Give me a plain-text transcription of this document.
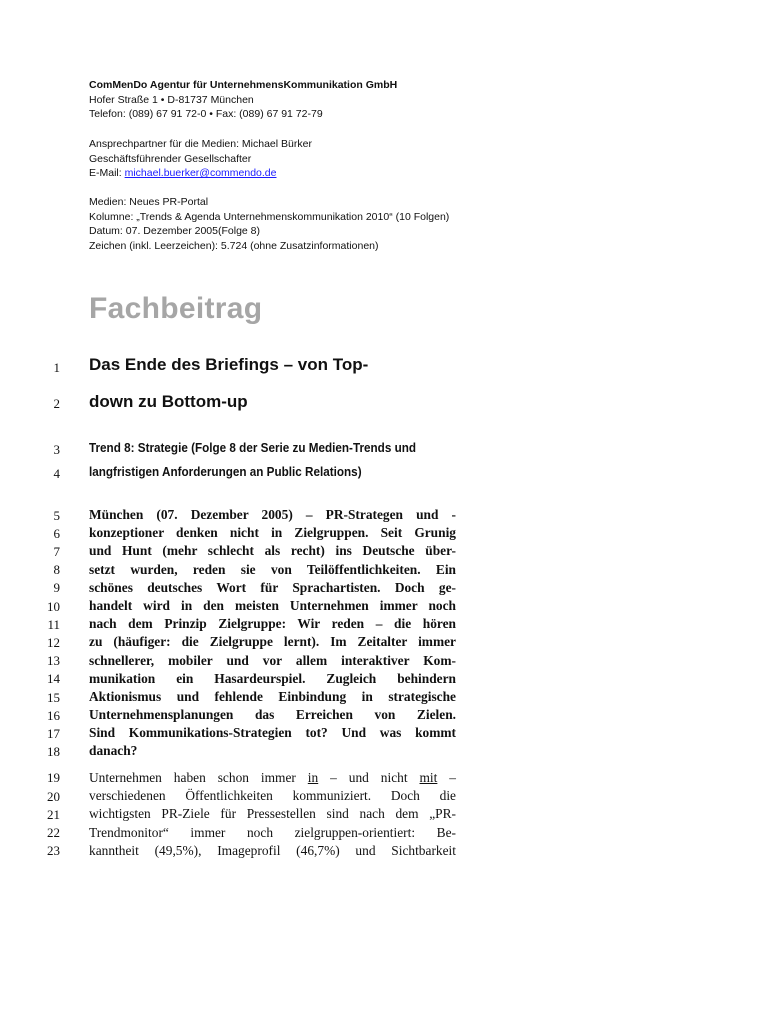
ComMenDo Agentur für UnternehmensKommunikation GmbH
Hofer Straße 1 • D-81737 München
Telefon: (089) 67 91 72-0 • Fax: (089) 67 91 72-79
Ansprechpartner für die Medien: Michael Bürker
Geschäftsführender Gesellschafter
E-Mail: michael.buerker@commendo.de
Medien: Neues PR-Portal
Kolumne: „Trends & Agenda Unternehmenskommunikation 2010“ (10 Folgen)
Datum: 07. Dezember 2005(Folge 8)
Zeichen (inkl. Leerzeichen): 5.724 (ohne Zusatzinformationen)
Fachbeitrag
1
2
3
4
5
6
7
8
9
10
11
12
13
14
15
16
17
18
19
20
21
22
23
Das Ende des Briefings – von Top-
down zu Bottom-up
Trend 8: Strategie (Folge 8 der Serie zu Medien-Trends und
langfristigen Anforderungen an Public Relations)
München (07. Dezember 2005) – PR-Strategen und -
konzeptioner denken nicht in Zielgruppen. Seit Grunig
und Hunt (mehr schlecht als recht) ins Deutsche über-
setzt wurden, reden sie von Teilöffentlichkeiten. Ein
schönes deutsches Wort für Sprachartisten. Doch ge-
handelt wird in den meisten Unternehmen immer noch
nach dem Prinzip Zielgruppe: Wir reden – die hören
zu (häufiger: die Zielgruppe lernt). Im Zeitalter immer
schnellerer, mobiler und vor allem interaktiver Kom-
munikation ein Hasardeurspiel. Zugleich behindern
Aktionismus und fehlende Einbindung in strategische
Unternehmensplanungen das Erreichen von Zielen.
Sind Kommunikations-Strategien tot? Und was kommt
danach?
Unternehmen haben schon immer in – und nicht mit –
verschiedenen Öffentlichkeiten kommuniziert. Doch die
wichtigsten PR-Ziele für Pressestellen sind nach dem „PR-
Trendmonitor“ immer noch zielgruppen-orientiert: Be-
kanntheit (49,5%), Imageprofil (46,7%) und Sichtbarkeit
